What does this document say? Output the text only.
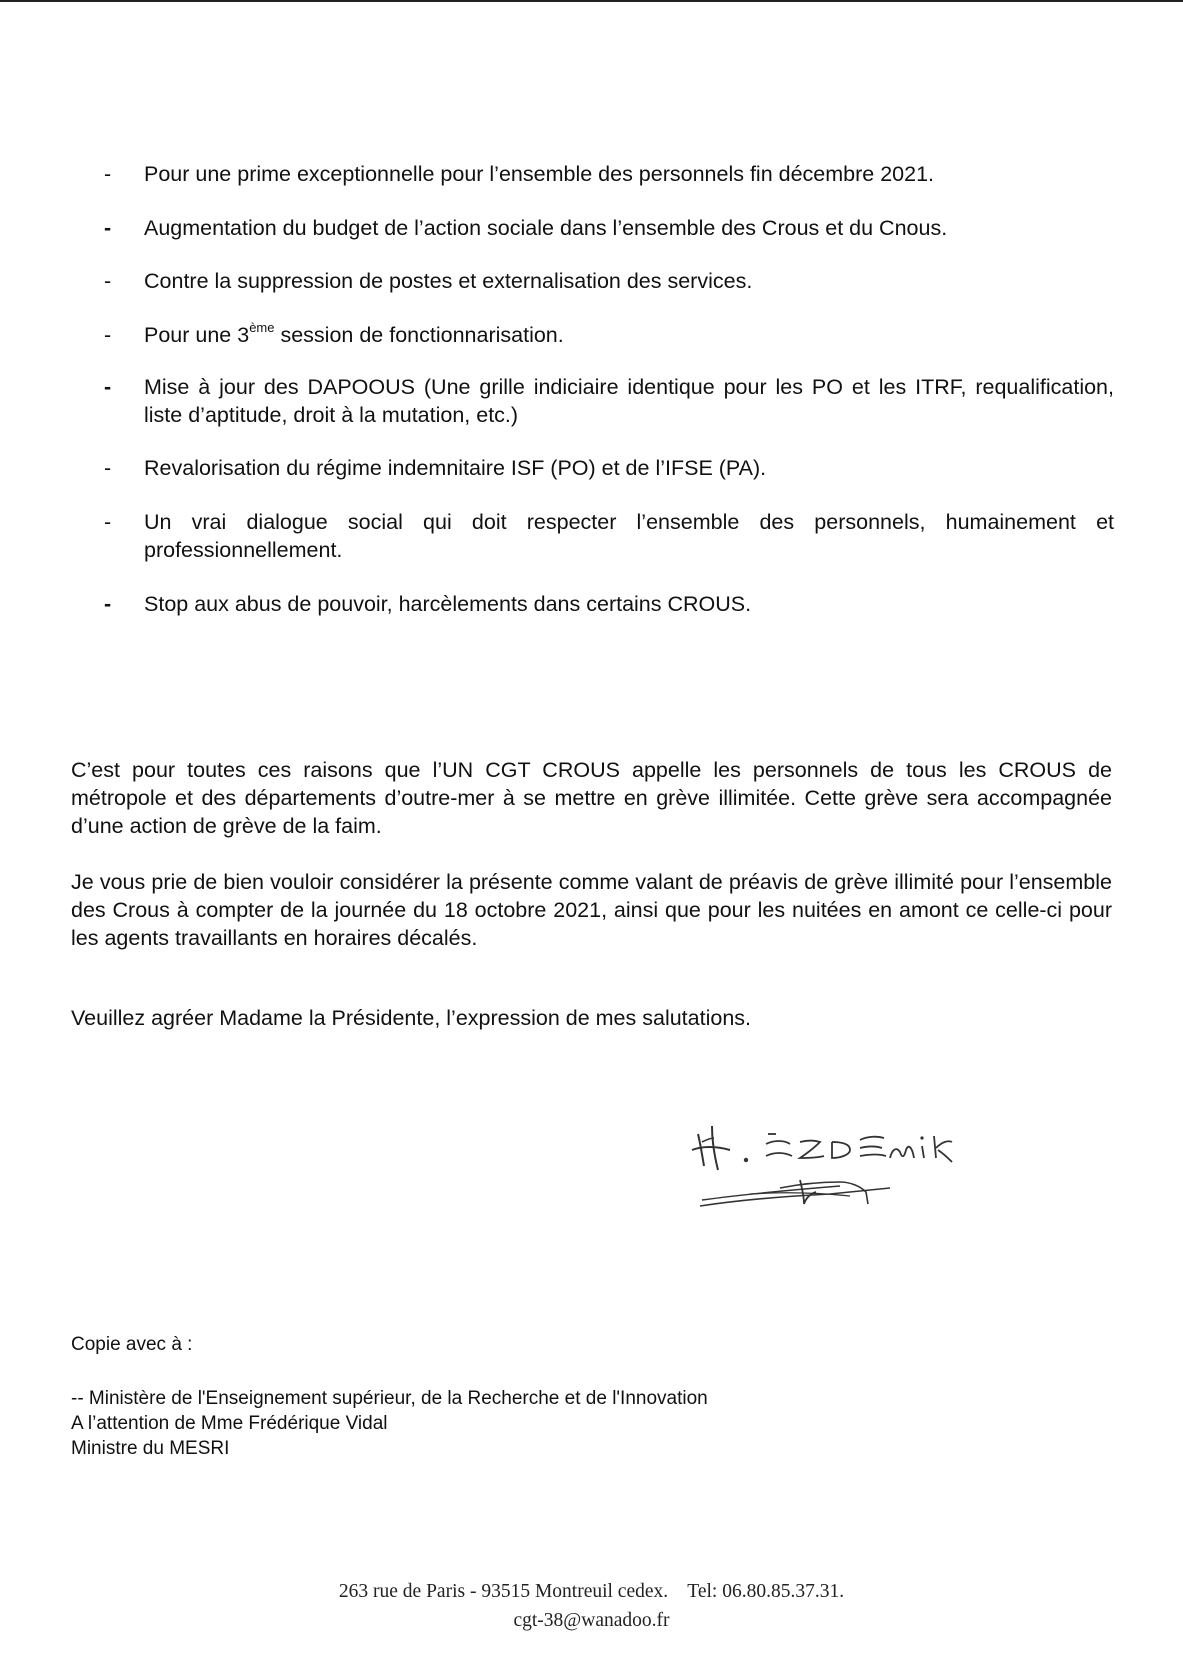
-	Pour une prime exceptionnelle pour l’ensemble des personnels fin décembre 2021.
-	Augmentation du budget de l’action sociale dans l’ensemble des Crous et du Cnous.
-	Contre la suppression de postes et externalisation des services.
-	Pour une 3ème session de fonctionnarisation.
-	Mise à jour des DAPOOUS (Une grille indiciaire identique pour les PO et les ITRF, requalification, liste d’aptitude, droit à la mutation, etc.)
-	Revalorisation du régime indemnitaire ISF (PO) et de l’IFSE (PA).
-	Un vrai dialogue social qui doit respecter l’ensemble des personnels, humainement et professionnellement.
-	Stop aux abus de pouvoir, harcèlements dans certains CROUS.

C’est pour toutes ces raisons que l’UN CGT CROUS appelle les personnels de tous les CROUS de métropole et des départements d’outre-mer à se mettre en grève illimitée. Cette grève sera accompagnée d’une action de grève de la faim.

Je vous prie de bien vouloir considérer la présente comme valant de préavis de grève illimité pour l’ensemble des Crous à compter de la journée du 18 octobre 2021, ainsi que pour les nuitées en amont ce celle-ci pour les agents travaillants en horaires décalés.

Veuillez agréer Madame la Présidente, l’expression de mes salutations.

Copie avec à :
-- Ministère de l'Enseignement supérieur, de la Recherche et de l'Innovation
A l’attention de Mme Frédérique Vidal
Ministre du MESRI
263 rue de Paris - 93515 Montreuil cedex.    Tel: 06.80.85.37.31.
cgt-38@wanadoo.fr
